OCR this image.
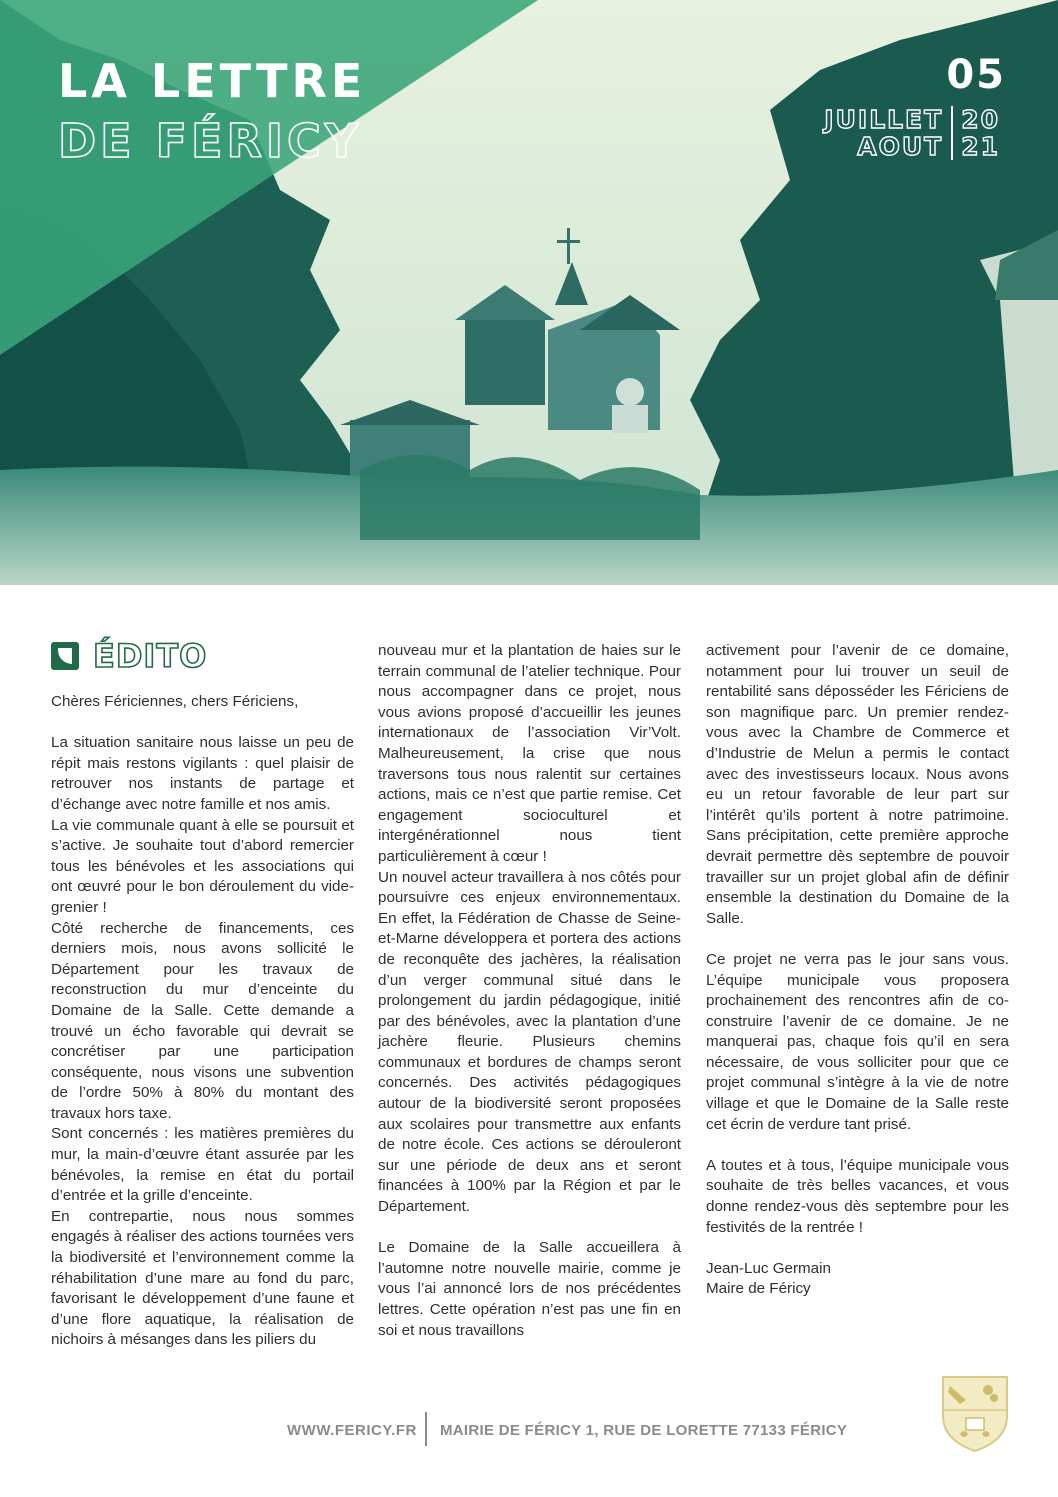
LA LETTRE
DE FÉRICY
05
JUILLET
AOUT
20
21
ÉDITO

Chères Fériciennes, chers Fériciens,

La situation sanitaire nous laisse un peu de répit mais restons vigilants : quel plaisir de retrouver nos instants de partage et d’échange avec notre famille et nos amis.

La vie communale quant à elle se poursuit et s’active. Je souhaite tout d’abord remercier tous les bénévoles et les associations qui ont œuvré pour le bon déroulement du vide-grenier !

Côté recherche de financements, ces derniers mois, nous avons sollicité le Département pour les travaux de reconstruction du mur d’enceinte du Domaine de la Salle. Cette demande a trouvé un écho favorable qui devrait se concrétiser par une participation conséquente, nous visons une subvention de l’ordre 50% à 80% du montant des travaux hors taxe.

Sont concernés : les matières premières du mur, la main-d’œuvre étant assurée par les bénévoles, la remise en état du portail d’entrée et la grille d’enceinte.

En contrepartie, nous nous sommes engagés à réaliser des actions tournées vers la biodiversité et l’environnement comme la réhabilitation d’une mare au fond du parc, favorisant le développement d’une faune et d’une flore aquatique, la réalisation de nichoirs à mésanges dans les piliers du

nouveau mur et la plantation de haies sur le terrain communal de l’atelier technique. Pour nous accompagner dans ce projet, nous vous avions proposé d’accueillir les jeunes internationaux de l’association Vir’Volt. Malheureusement, la crise que nous traversons tous nous ralentit sur certaines actions, mais ce n’est que partie remise. Cet engagement socioculturel et intergénérationnel nous tient particulièrement à cœur !

Un nouvel acteur travaillera à nos côtés pour poursuivre ces enjeux environnementaux. En effet, la Fédération de Chasse de Seine-et-Marne développera et portera des actions de reconquête des jachères, la réalisation d’un verger communal situé dans le prolongement du jardin pédagogique, initié par des bénévoles, avec la plantation d’une jachère fleurie. Plusieurs chemins communaux et bordures de champs seront concernés. Des activités pédagogiques autour de la biodiversité seront proposées aux scolaires pour transmettre aux enfants de notre école. Ces actions se dérouleront sur une période de deux ans et seront financées à 100% par la Région et par le Département.

Le Domaine de la Salle accueillera à l’automne notre nouvelle mairie, comme je vous l’ai annoncé lors de nos précédentes lettres. Cette opération n’est pas une fin en soi et nous travaillons

activement pour l’avenir de ce domaine, notamment pour lui trouver un seuil de rentabilité sans déposséder les Fériciens de son magnifique parc. Un premier rendez-vous avec la Chambre de Commerce et d’Industrie de Melun a permis le contact avec des investisseurs locaux. Nous avons eu un retour favorable de leur part sur l’intérêt qu’ils portent à notre patrimoine. Sans précipitation, cette première approche devrait permettre dès septembre de pouvoir travailler sur un projet global afin de définir ensemble la destination du Domaine de la Salle.

Ce projet ne verra pas le jour sans vous. L’équipe municipale vous proposera prochainement des rencontres afin de co-construire l’avenir de ce domaine. Je ne manquerai pas, chaque fois qu’il en sera nécessaire, de vous solliciter pour que ce projet communal s’intègre à la vie de notre village et que le Domaine de la Salle reste cet écrin de verdure tant prisé.

A toutes et à tous, l’équipe municipale vous souhaite de très belles vacances, et vous donne rendez-vous dès septembre pour les festivités de la rentrée !

Jean-Luc Germain

Maire de Féricy

WWW.FERICY.FR MAIRIE DE FÉRICY 1, RUE DE LORETTE 77133 FÉRICY
